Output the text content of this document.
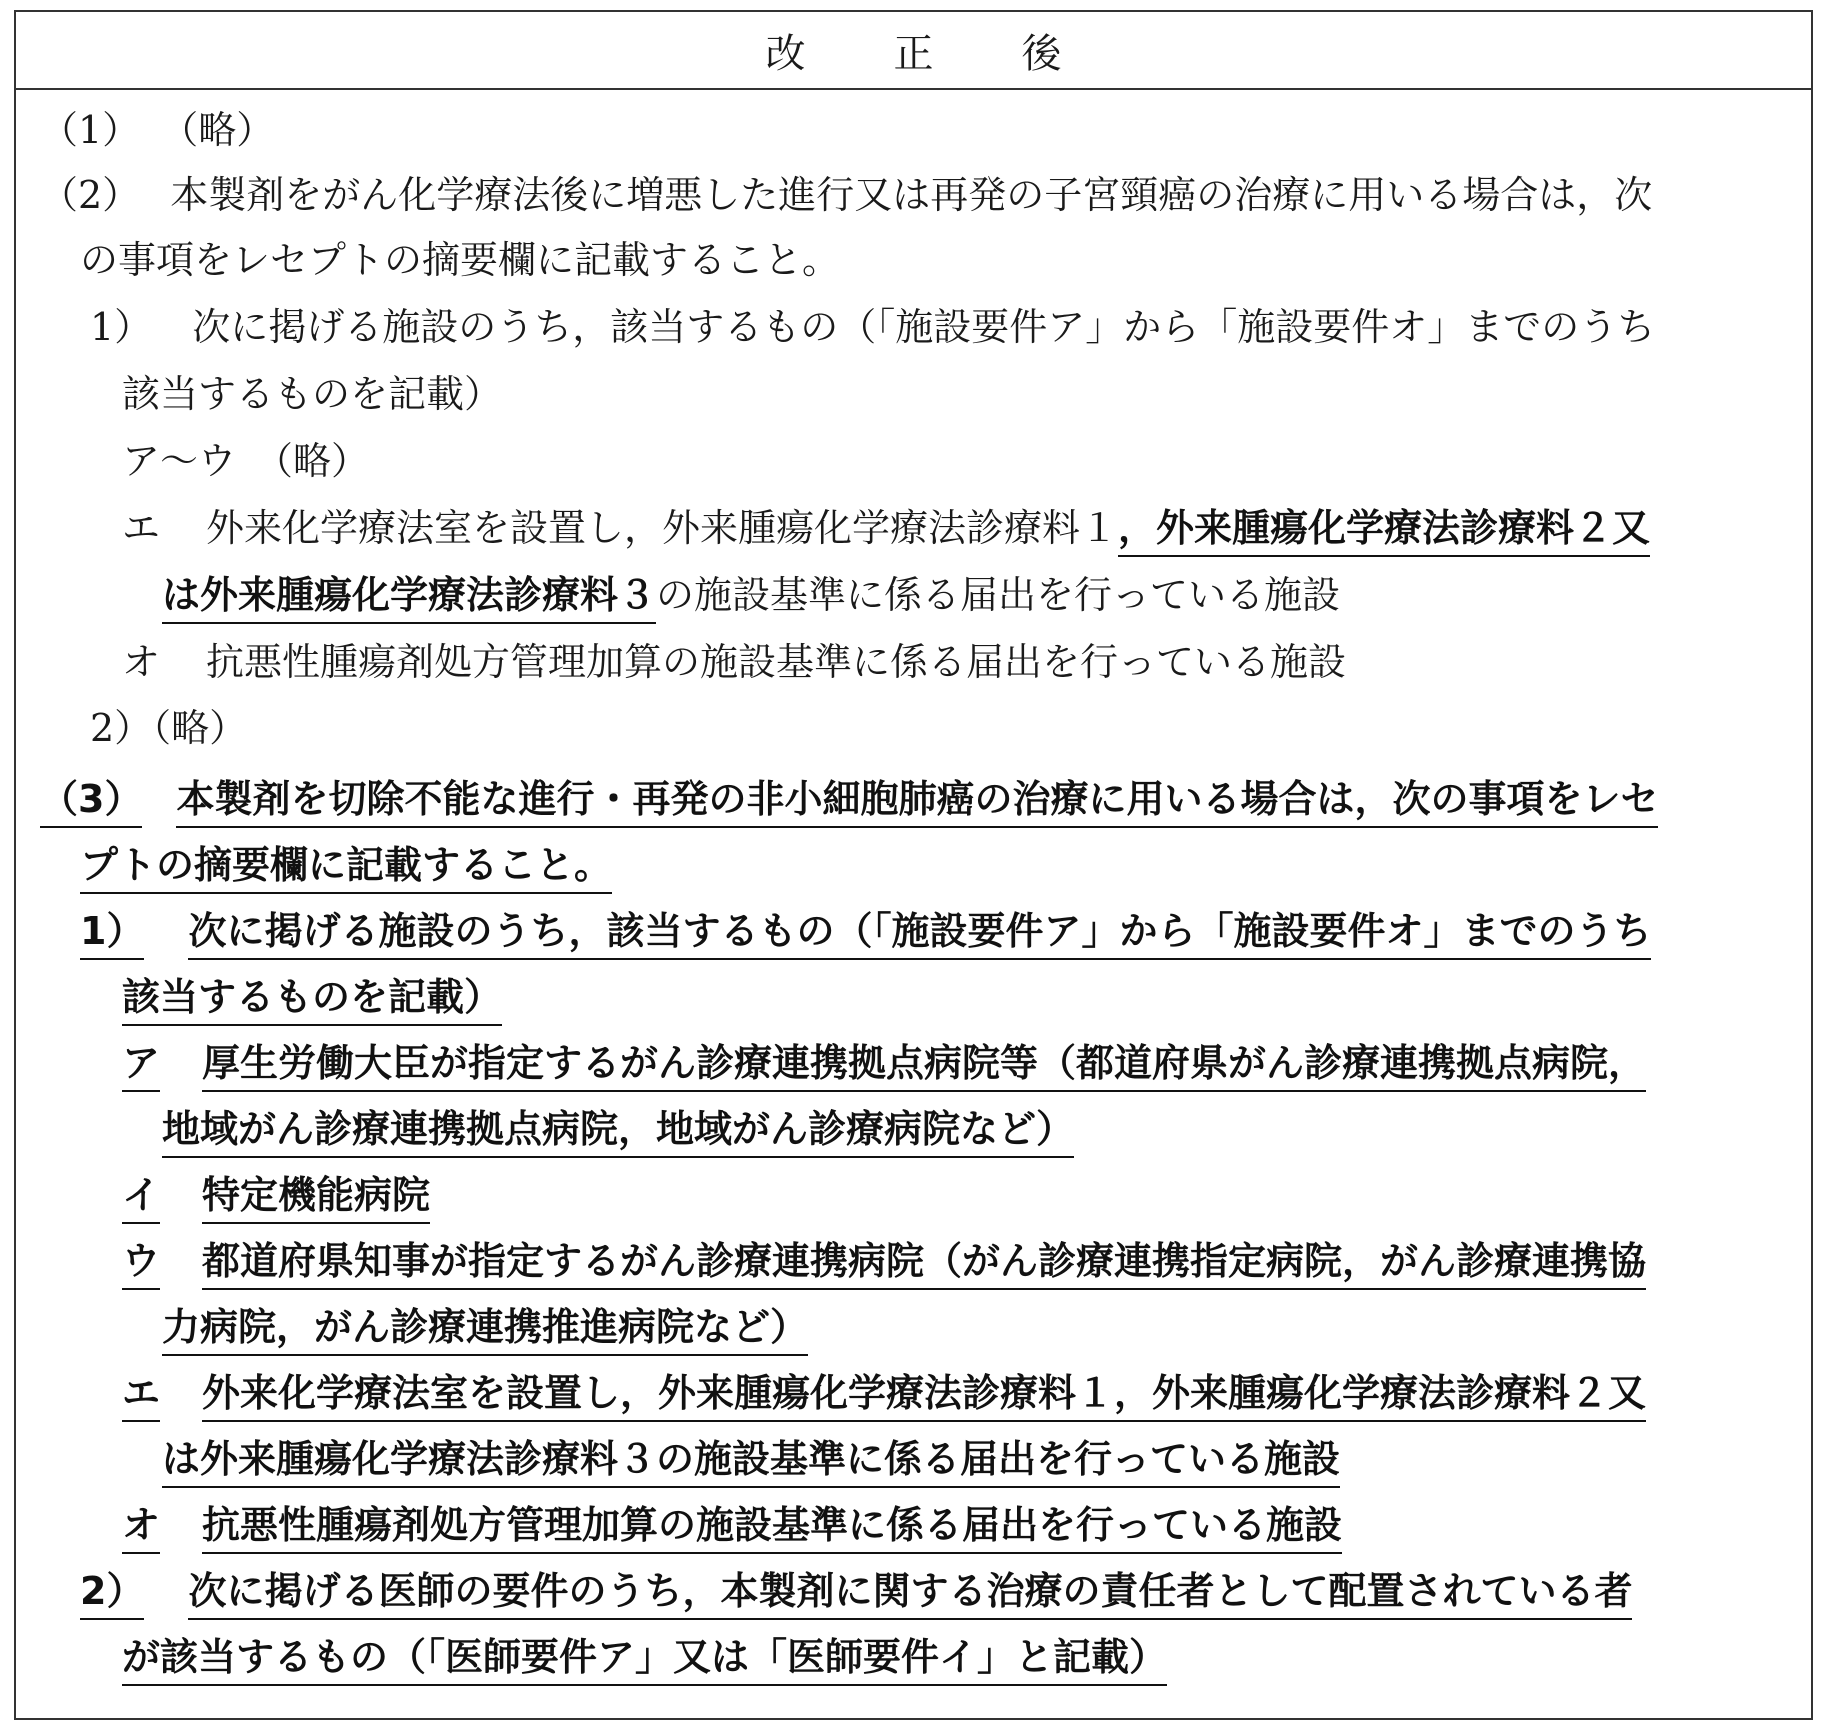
改　正　後
（1） （略）
（2） 本製剤をがん化学療法後に増悪した進行又は再発の子宮頸癌の治療に用いる場合は，次
の事項をレセプトの摘要欄に記載すること。
1） 次に掲げる施設のうち，該当するもの（「施設要件ア」から「施設要件オ」までのうち
該当するものを記載）
ア～ウ　（略）
エ 外来化学療法室を設置し，外来腫瘍化学療法診療料１，外来腫瘍化学療法診療料２又
は外来腫瘍化学療法診療料３の施設基準に係る届出を行っている施設
オ 抗悪性腫瘍剤処方管理加算の施設基準に係る届出を行っている施設
2）（略）
（3） 本製剤を切除不能な進行・再発の非小細胞肺癌の治療に用いる場合は，次の事項をレセ
プトの摘要欄に記載すること。
1） 次に掲げる施設のうち，該当するもの（「施設要件ア」から「施設要件オ」までのうち
該当するものを記載）
ア 厚生労働大臣が指定するがん診療連携拠点病院等（都道府県がん診療連携拠点病院，
地域がん診療連携拠点病院，地域がん診療病院など）
イ 特定機能病院
ウ 都道府県知事が指定するがん診療連携病院（がん診療連携指定病院，がん診療連携協
力病院，がん診療連携推進病院など）
エ 外来化学療法室を設置し，外来腫瘍化学療法診療料１，外来腫瘍化学療法診療料２又
は外来腫瘍化学療法診療料３の施設基準に係る届出を行っている施設
オ 抗悪性腫瘍剤処方管理加算の施設基準に係る届出を行っている施設
2） 次に掲げる医師の要件のうち，本製剤に関する治療の責任者として配置されている者
が該当するもの（「医師要件ア」又は「医師要件イ」と記載）
